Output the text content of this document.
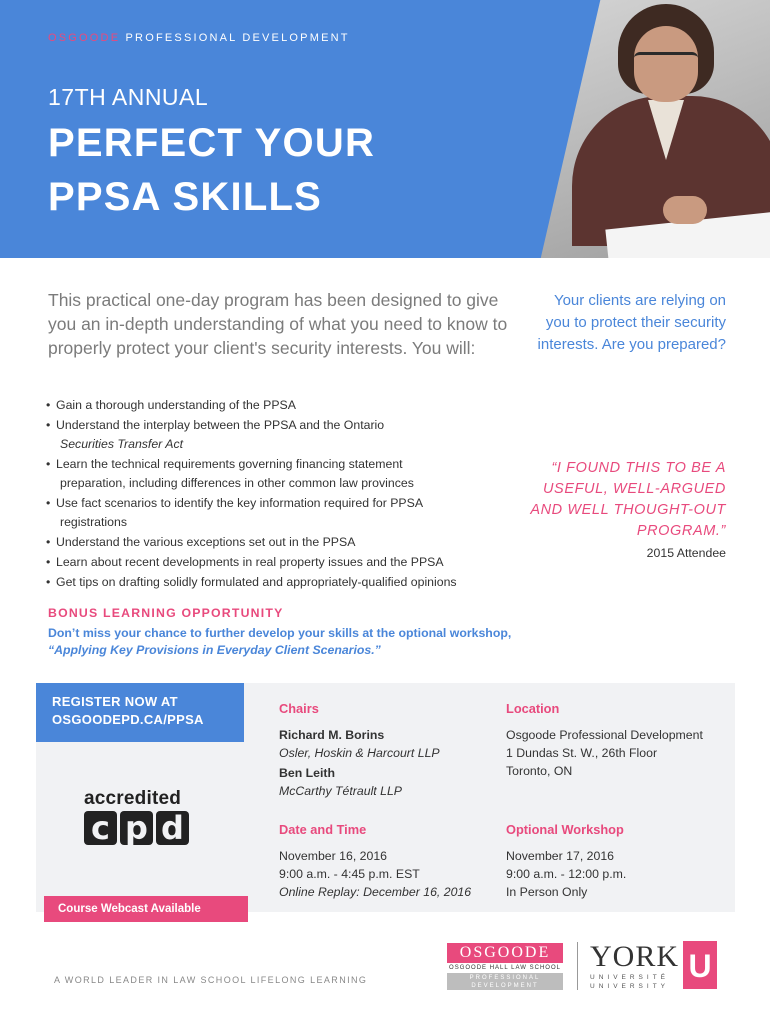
OSGOODE PROFESSIONAL DEVELOPMENT
17TH ANNUAL
PERFECT YOUR
PPSA SKILLS

This practical one-day program has been designed to give you an in-depth understanding of what you need to know to properly protect your client's security interests. You will:

Your clients are relying on you to protect their security interests. Are you prepared?

• Gain a thorough understanding of the PPSA
• Understand the interplay between the PPSA and the Ontario
Securities Transfer Act
• Learn the technical requirements governing financing statement
preparation, including differences in other common law provinces
• Use fact scenarios to identify the key information required for PPSA
registrations
• Understand the various exceptions set out in the PPSA
• Learn about recent developments in real property issues and the PPSA
• Get tips on drafting solidly formulated and appropriately-qualified opinions

“I FOUND THIS TO BE A USEFUL, WELL-ARGUED AND WELL THOUGHT-OUT PROGRAM.”

2015 Attendee

BONUS LEARNING OPPORTUNITY

Don’t miss your chance to further develop your skills at the optional workshop, “Applying Key Provisions in Everyday Client Scenarios.”

REGISTER NOW AT
OSGOODEPD.CA/PPSA
accredited
c p d
Course Webcast Available
Chairs
Richard M. Borins
Osler, Hoskin & Harcourt LLP
Ben Leith
McCarthy Tétrault LLP
Location
Osgoode Professional Development
1 Dundas St. W., 26th Floor
Toronto, ON
Date and Time
November 16, 2016
9:00 a.m. - 4:45 p.m. EST
Online Replay: December 16, 2016
Optional Workshop
November 17, 2016
9:00 a.m. - 12:00 p.m.
In Person Only
A WORLD LEADER IN LAW SCHOOL LIFELONG LEARNING
OSGOODE
OSGOODE HALL LAW SCHOOL
PROFESSIONAL
DEVELOPMENT
YORK
UNIVERSITÉ
UNIVERSITY
U
